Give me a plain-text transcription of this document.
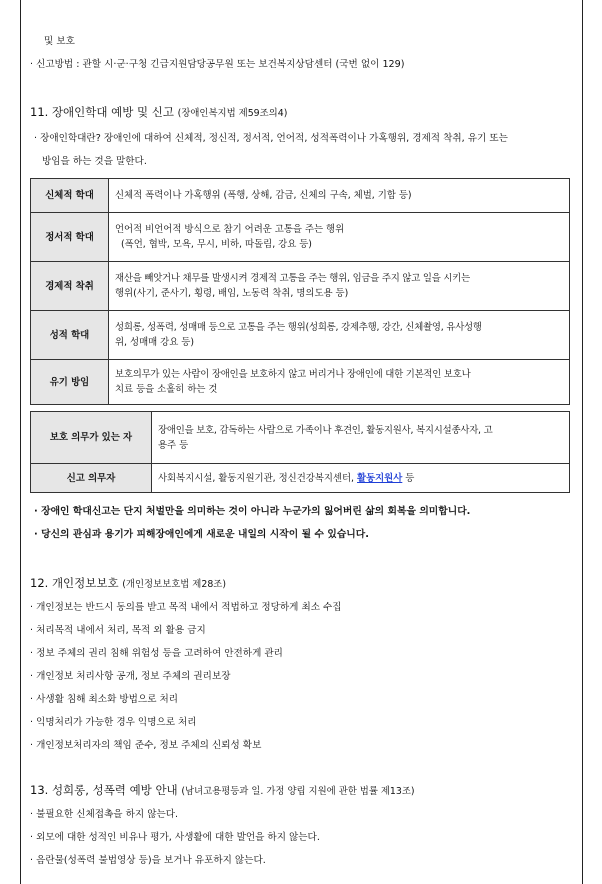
및 보호
· 신고방법 : 관할 시·군·구청 긴급지원담당공무원 또는 보건복지상담센터 (국번 없이 129)
11. 장애인학대 예방 및 신고 (장애인복지법 제59조의4)
· 장애인학대란? 장애인에 대하여 신체적, 정신적, 정서적, 언어적, 성적폭력이나 가혹행위, 경제적 착취, 유기 또는
방임을 하는 것을 말한다.
신체적 학대	신체적 폭력이나 가혹행위 (폭행, 상해, 감금, 신체의 구속, 체벌, 기합 등)

정서적 학대	언어적 비언어적 방식으로 참기 어려운 고통을 주는 행위
(폭언, 협박, 모욕, 무시, 비하, 따돌림, 강요 등)

경제적 착취	재산을 빼앗거나 채무를 발생시켜 경제적 고통을 주는 행위, 임금을 주지 않고 일을 시키는
행위(사기, 준사기, 횡령, 배임, 노동력 착취, 명의도용 등)

성적 학대	성희롱, 성폭력, 성매매 등으로 고통을 주는 행위(성희롱, 강제추행, 강간, 신체촬영, 유사성행
위, 성매매 강요 등)

유기 방임	보호의무가 있는 사람이 장애인을 보호하지 않고 버리거나 장애인에 대한 기본적인 보호나
치료 등을 소홀히 하는 것
보호 의무가 있는 자	장애인을 보호, 감독하는 사람으로 가족이나 후견인, 활동지원사, 복지시설종사자, 고
용주 등

신고 의무자	사회복지시설, 활동지원기관, 정신건강복지센터, 활동지원사 등
· 장애인 학대신고는 단지 처벌만을 의미하는 것이 아니라 누군가의 잃어버린 삶의 회복을 의미합니다.
· 당신의 관심과 용기가 피해장애인에게 새로운 내일의 시작이 될 수 있습니다.
12. 개인정보보호 (개인정보보호법 제28조)
· 개인정보는 반드시 동의를 받고 목적 내에서 적법하고 정당하게 최소 수집
· 처리목적 내에서 처리, 목적 외 활용 금지
· 정보 주체의 권리 침해 위험성 등을 고려하여 안전하게 관리
· 개인정보 처리사항 공개, 정보 주체의 권리보장
· 사생활 침해 최소화 방법으로 처리
· 익명처리가 가능한 경우 익명으로 처리
· 개인정보처리자의 책임 준수, 정보 주체의 신뢰성 확보
13. 성희롱, 성폭력 예방 안내 (남녀고용평등과 일. 가정 양립 지원에 관한 법률 제13조)
· 불필요한 신체접촉을 하지 않는다.
· 외모에 대한 성적인 비유나 평가, 사생활에 대한 발언을 하지 않는다.
· 음란물(성폭력 불법영상 등)을 보거나 유포하지 않는다.
